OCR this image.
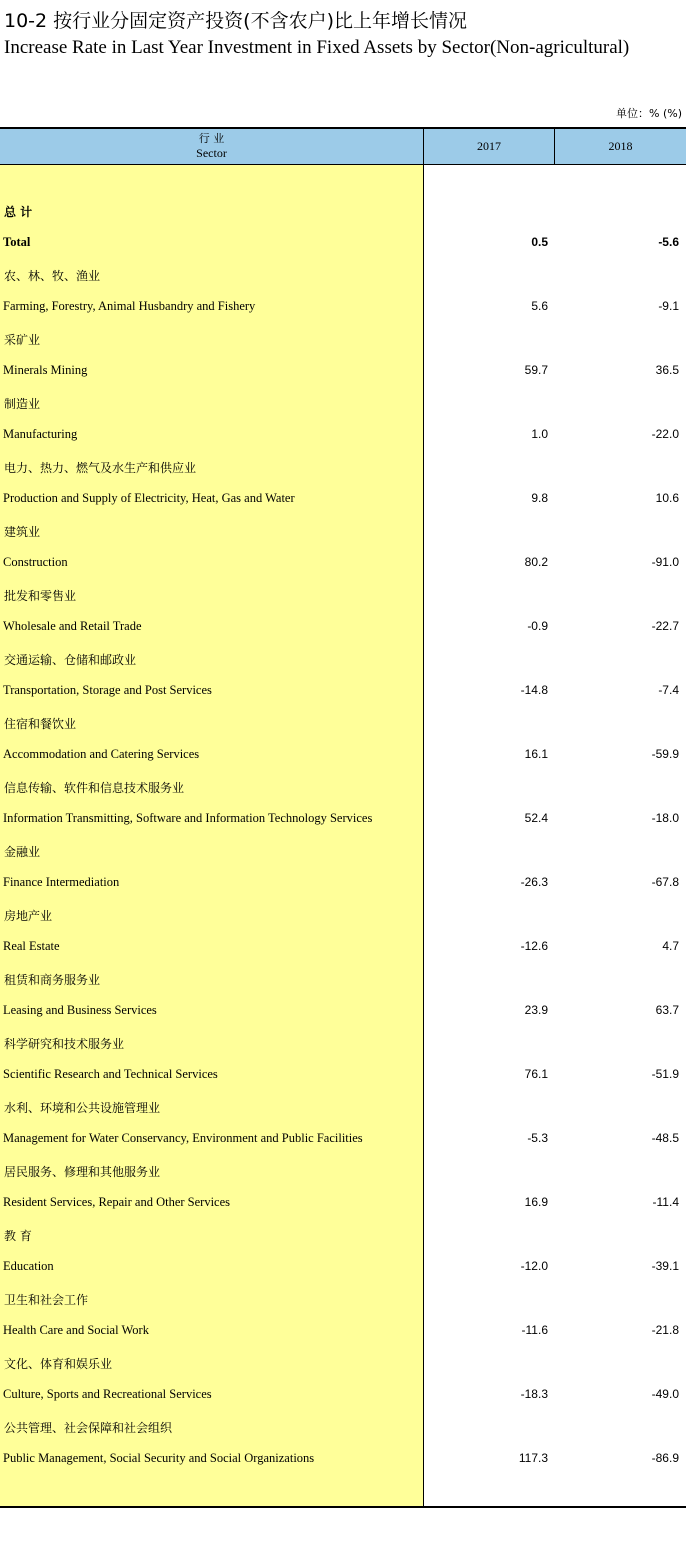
10-2 按行业分固定资产投资(不含农户)比上年增长情况
Increase Rate in Last Year Investment in Fixed Assets by Sector(Non-agricultural)
单位：% (%)
行 业
Sector	2017	2018
总 计
Total	0.5	-5.6
农、林、牧、渔业
Farming, Forestry, Animal Husbandry and Fishery	5.6	-9.1
采矿业
Minerals Mining	59.7	36.5
制造业
Manufacturing	1.0	-22.0
电力、热力、燃气及水生产和供应业
Production and Supply of Electricity, Heat, Gas and Water	9.8	10.6
建筑业
Construction	80.2	-91.0
批发和零售业
Wholesale and Retail Trade	-0.9	-22.7
交通运输、仓储和邮政业
Transportation, Storage and Post Services	-14.8	-7.4
住宿和餐饮业
Accommodation and Catering Services	16.1	-59.9
信息传输、软件和信息技术服务业
Information Transmitting, Software and Information Technology Services	52.4	-18.0
金融业
Finance Intermediation	-26.3	-67.8
房地产业
Real Estate	-12.6	4.7
租赁和商务服务业
Leasing and Business Services	23.9	63.7
科学研究和技术服务业
Scientific Research and Technical Services	76.1	-51.9
水利、环境和公共设施管理业
Management for Water Conservancy, Environment and Public Facilities	-5.3	-48.5
居民服务、修理和其他服务业
Resident Services, Repair and Other Services	16.9	-11.4
教 育
Education	-12.0	-39.1
卫生和社会工作
Health Care and Social Work	-11.6	-21.8
文化、体育和娱乐业
Culture, Sports and Recreational Services	-18.3	-49.0
公共管理、社会保障和社会组织
Public Management, Social Security and Social Organizations	117.3	-86.9
